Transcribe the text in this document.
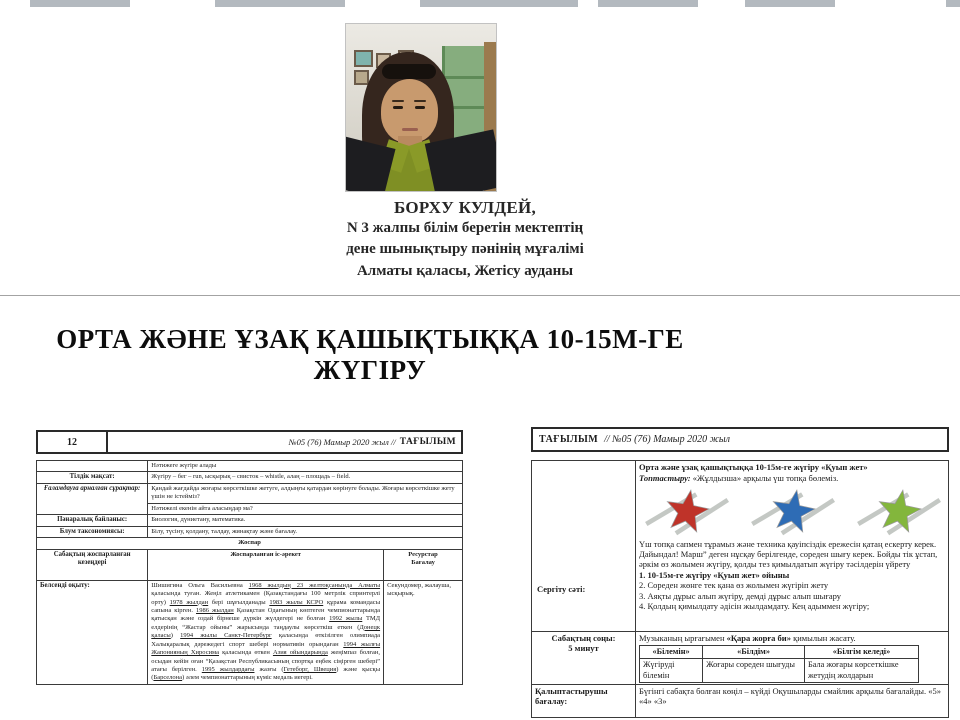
БОРХУ КУЛДЕЙ,
N 3 жалпы білім беретін мектептің
дене шынықтыру пәнінің мұғалімі
Алматы қаласы, Жетісу ауданы
ОРТА ЖӘНЕ ҰЗАҚ ҚАШЫҚТЫҚҚА 10-15М-ГЕ
ЖҮГІРУ
12	№05 (76) Мамыр 2020 жыл // ТАҒЫЛЫМ
	Нәтижеге жүгіре алады	
Тілдік мақсат:	Жүгіру – бег – run, ысқырық – свисток – whistle, алаң – площадь – field.	
Ғаламдауға арналған сұрақтар:	Қандай жағдайда жоғары көрсеткішке жетуге, алдыңғы қатардан көрінуге болады. Жоғары көрсеткішке жету үшін не істейміз?	
	Нәтижелі екенін айта аласыңдар ма?	
Пәнаралық байланыс:	Биология, дүниетану, математика.	
Блум таксономиясы:	Білу, түсіну, қолдану, талдау, жинақтау және бағалау.	
Жоспар		
Сабақтың жоспарланған кезеңдері	Жоспарланған іс-әрекет	Ресурстар
Бағалау

Белсенді оқыту:	Шишигина Ольга Васильевна 1968 жылдың 23 желтоқсанында Алматы қаласында туған. Жеңіл атлетикамен (Қазақстандағы 100 метрлік спринтерлі орту) 1978 жылдан бері шұғылданады 1983 жылы КСРО құрама командасы сапына кірген. 1986 жылдан Қазақстан Одағының көптеген чемпионаттарында қатысқан және оздай бірнеше дүркін жүлдегері не болған 1992 жылы ТМД елдерінің “Жастар ойыны” жарысында таңдаулы көрсеткіш еткен (Донецк қаласы) 1994 жылы Санкт-Петербург қаласында өткізілген олимпиада Халықаралық дәрежедегі спорт шебері нормативін орындаған 1994 жылғы Жапонияның Хиросима қаласында өткен Азия ойындарында жеңімпаз болған, осыдан кейін оған “Қазақстан Республикасының спортқа еңбек сіңірген шебері” атағы берілген. 1995 жылдардағы жазғы (Гетеборг, Швеция) және қысқы (Барселона) әлем чемпионаттарының күміс медаль иегері.	Секундомер, жалауша, ысқырық.
ТАҒЫЛЫМ // №05 (76) Мамыр 2020 жыл
Сергіту сәті:

Орта және ұзақ қашықтыққа 10-15м-ге жүгіру «Қуып жет»
Топтастыру: «Жұлдызша» арқылы үш топқа бөлеміз.
Үш топқа сапмен тұрамыз және техника қауіпсіздік ережесін қатаң ескерту керек. Дайындал! Марш” деген нұсқау берілгенде, сореден шығу керек. Бойды тік ұстап, әркім өз жолымен жүгіру, қолды тез қимылдатып жүгіру тәсілдерін үйрету
1. 10-15м-ге жүгіру «Қуып жет» ойыны
2. Сореден жөнге тек қана өз жолымен жүгіріп жету
3. Аяқты дұрыс алып жүгіру, демді дұрыс алып шығару
4. Қолдың қимылдату әдісін жылдамдату. Кең адыммен жүгіру;

Сабақтың соңы:
5 минут

Музыканың ырғағымен «Қара жорға би» қимылын жасату.
«Білемін»	«Білдім»	«Білгім келеді»
Жүгіруді білемін	Жоғары сореден шығуды	Бала жоғары көрсеткішке жетудің жолдарын

Қалыптастырушы бағалау:
	Бүгінгі сабақта болған көңіл – күйді Оқушыларды смайлик арқылы бағалайды. «5» «4» «3»
